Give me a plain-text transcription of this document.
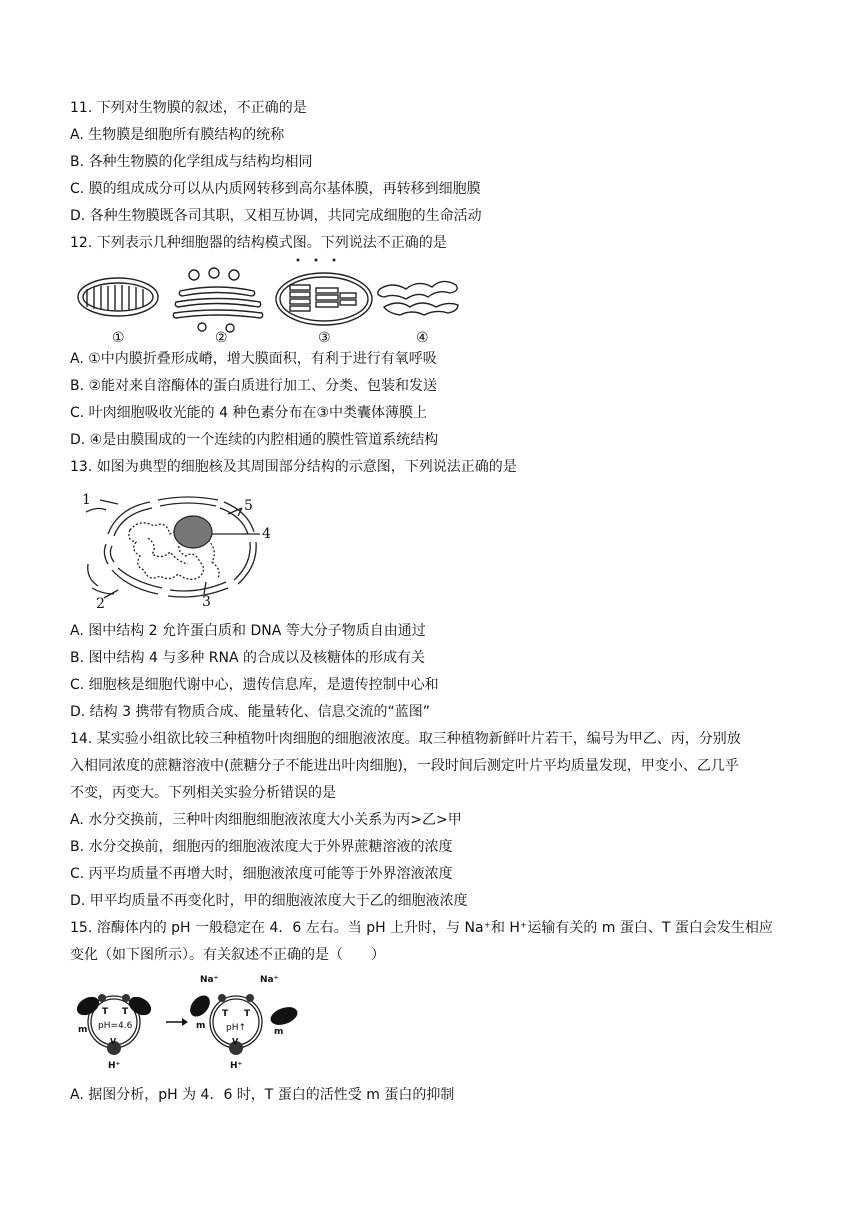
11. 下列对生物膜的叙述，不正确的是
A. 生物膜是细胞所有膜结构的统称
B. 各种生物膜的化学组成与结构均相同
C. 膜的组成成分可以从内质网转移到高尔基体膜，再转移到细胞膜
D. 各种生物膜既各司其职，又相互协调，共同完成细胞的生命活动
12. 下列表示几种细胞器的结构模式图。下列说法不正确的是
①	②	③	④
A. ①中内膜折叠形成嵴，增大膜面积，有利于进行有氧呼吸
B. ②能对来自溶酶体的蛋白质进行加工、分类、包装和发送
C. 叶肉细胞吸收光能的 4 种色素分布在③中类囊体薄膜上
D. ④是由膜围成的一个连续的内腔相通的膜性管道系统结构
13. 如图为典型的细胞核及其周围部分结构的示意图，下列说法正确的是
1
2	3
4
5
A. 图中结构 2 允许蛋白质和 DNA 等大分子物质自由通过
B. 图中结构 4 与多种 RNA 的合成以及核糖体的形成有关
C. 细胞核是细胞代谢中心，遗传信息库，是遗传控制中心和
D. 结构 3 携带有物质合成、能量转化、信息交流的“蓝图”
14. 某实验小组欲比较三种植物叶肉细胞的细胞液浓度。取三种植物新鲜叶片若干，编号为甲乙、丙，分别放
入相同浓度的蔗糖溶液中(蔗糖分子不能进出叶肉细胞)，一段时间后测定叶片平均质量发现，甲变小、乙几乎
不变，丙变大。下列相关实验分析错误的是
A. 水分交换前，三种叶肉细胞细胞液浓度大小关系为丙>乙>甲
B. 水分交换前，细胞丙的细胞液浓度大于外界蔗糖溶液的浓度
C. 丙平均质量不再增大时，细胞液浓度可能等于外界溶液浓度
D. 甲平均质量不再变化时，甲的细胞液浓度大于乙的细胞液浓度
15. 溶酶体内的 pH 一般稳定在 4．6 左右。当 pH 上升时，与 Na⁺和 H⁺运输有关的 m 蛋白、T 蛋白会发生相应
变化（如下图所示）。有关叙述不正确的是（　　）
m
T T
pH=4.6
V
H⁺
Na⁺	Na⁺
m
m
T T
pH↑
V
H⁺
A. 据图分析，pH 为 4．6 时，T 蛋白的活性受 m 蛋白的抑制
